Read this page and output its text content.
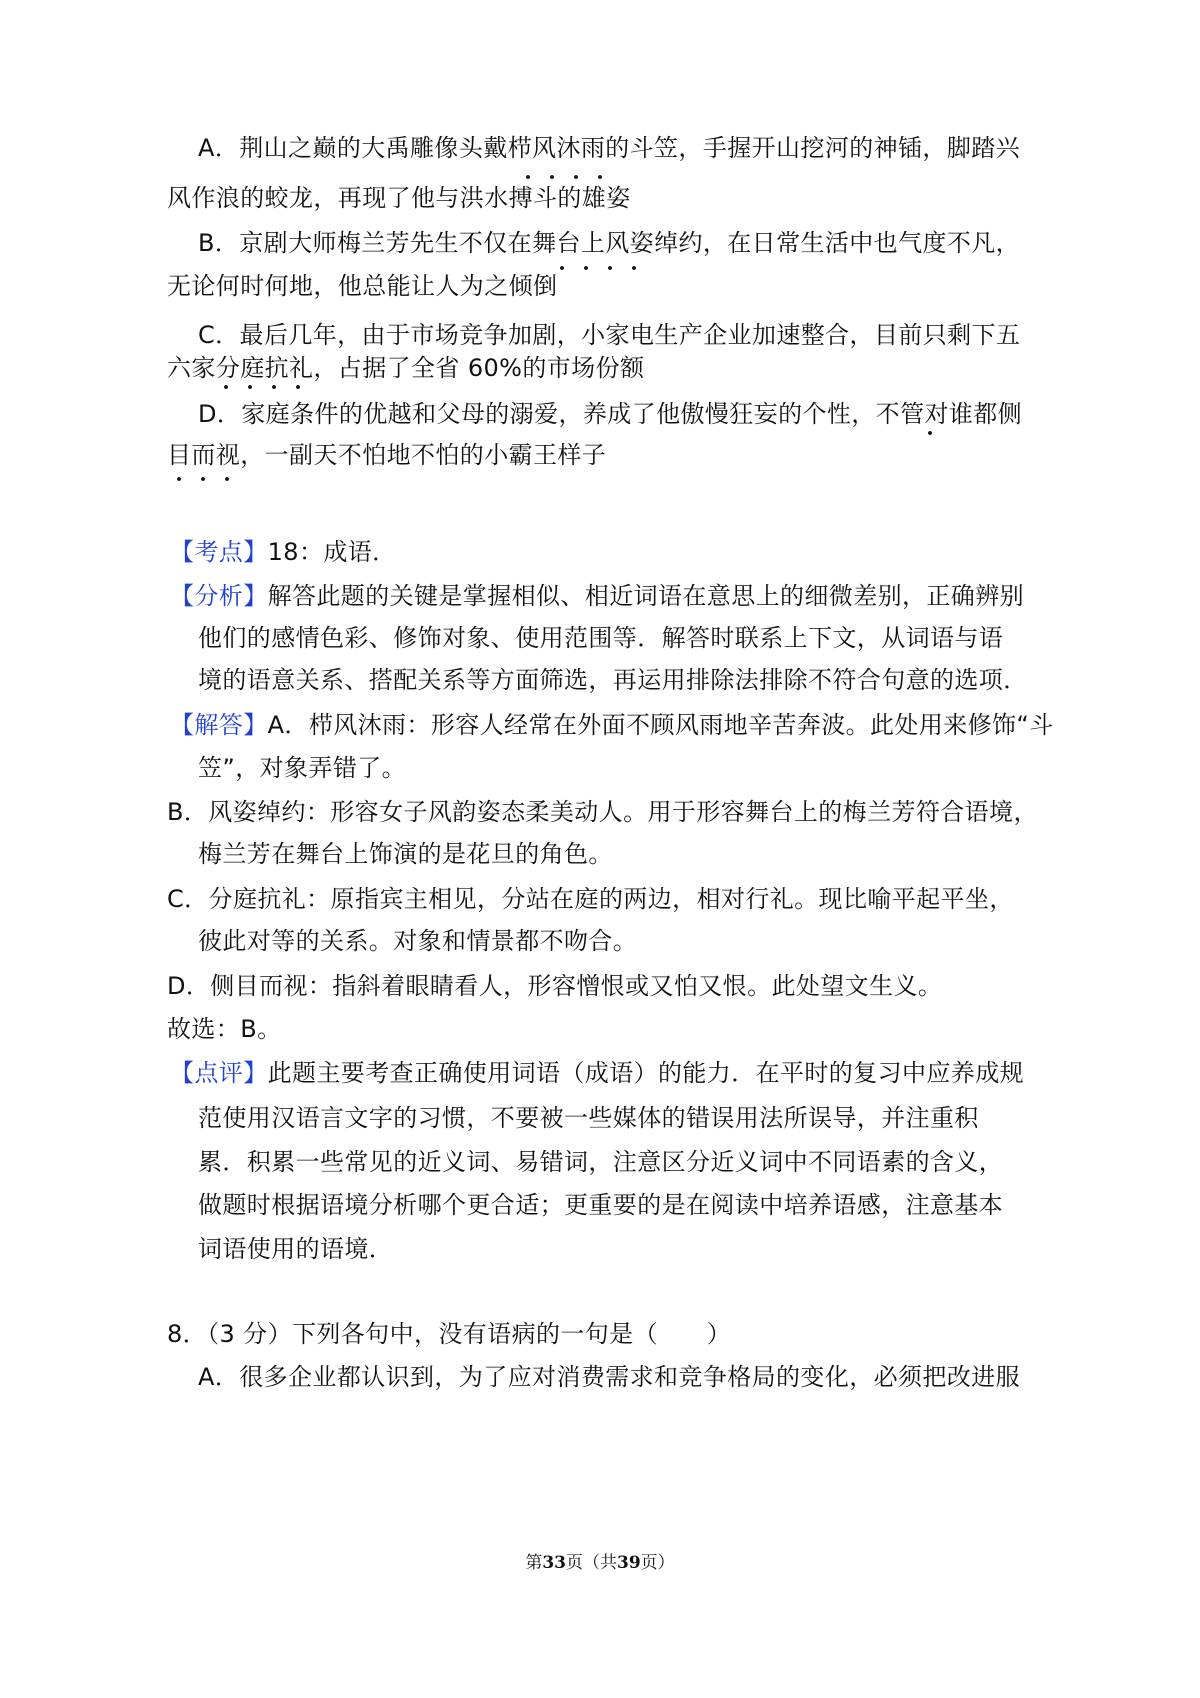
A．荆山之巅的大禹雕像头戴栉风沐雨的斗笠，手握开山挖河的神锸，脚踏兴
风作浪的蛟龙，再现了他与洪水搏斗的雄姿
B．京剧大师梅兰芳先生不仅在舞台上风姿绰约，在日常生活中也气度不凡，
无论何时何地，他总能让人为之倾倒
C．最后几年，由于市场竞争加剧，小家电生产企业加速整合，目前只剩下五
六家分庭抗礼，占据了全省 60%的市场份额
D．家庭条件的优越和父母的溺爱，养成了他傲慢狂妄的个性，不管对谁都侧
目而视，一副天不怕地不怕的小霸王样子
【考点】18：成语．
【分析】解答此题的关键是掌握相似、相近词语在意思上的细微差别，正确辨别
他们的感情色彩、修饰对象、使用范围等．解答时联系上下文，从词语与语
境的语意关系、搭配关系等方面筛选，再运用排除法排除不符合句意的选项．
【解答】A．栉风沐雨：形容人经常在外面不顾风雨地辛苦奔波。此处用来修饰“斗
笠”，对象弄错了。
B．风姿绰约：形容女子风韵姿态柔美动人。用于形容舞台上的梅兰芳符合语境，
梅兰芳在舞台上饰演的是花旦的角色。
C．分庭抗礼：原指宾主相见，分站在庭的两边，相对行礼。现比喻平起平坐，
彼此对等的关系。对象和情景都不吻合。
D．侧目而视：指斜着眼睛看人，形容憎恨或又怕又恨。此处望文生义。
故选：B。
【点评】此题主要考查正确使用词语（成语）的能力．在平时的复习中应养成规
范使用汉语言文字的习惯，不要被一些媒体的错误用法所误导，并注重积
累．积累一些常见的近义词、易错词，注意区分近义词中不同语素的含义，
做题时根据语境分析哪个更合适；更重要的是在阅读中培养语感，注意基本
词语使用的语境．
8．（3 分）下列各句中，没有语病的一句是（　　）
A．很多企业都认识到，为了应对消费需求和竞争格局的变化，必须把改进服
第33页（共39页）
